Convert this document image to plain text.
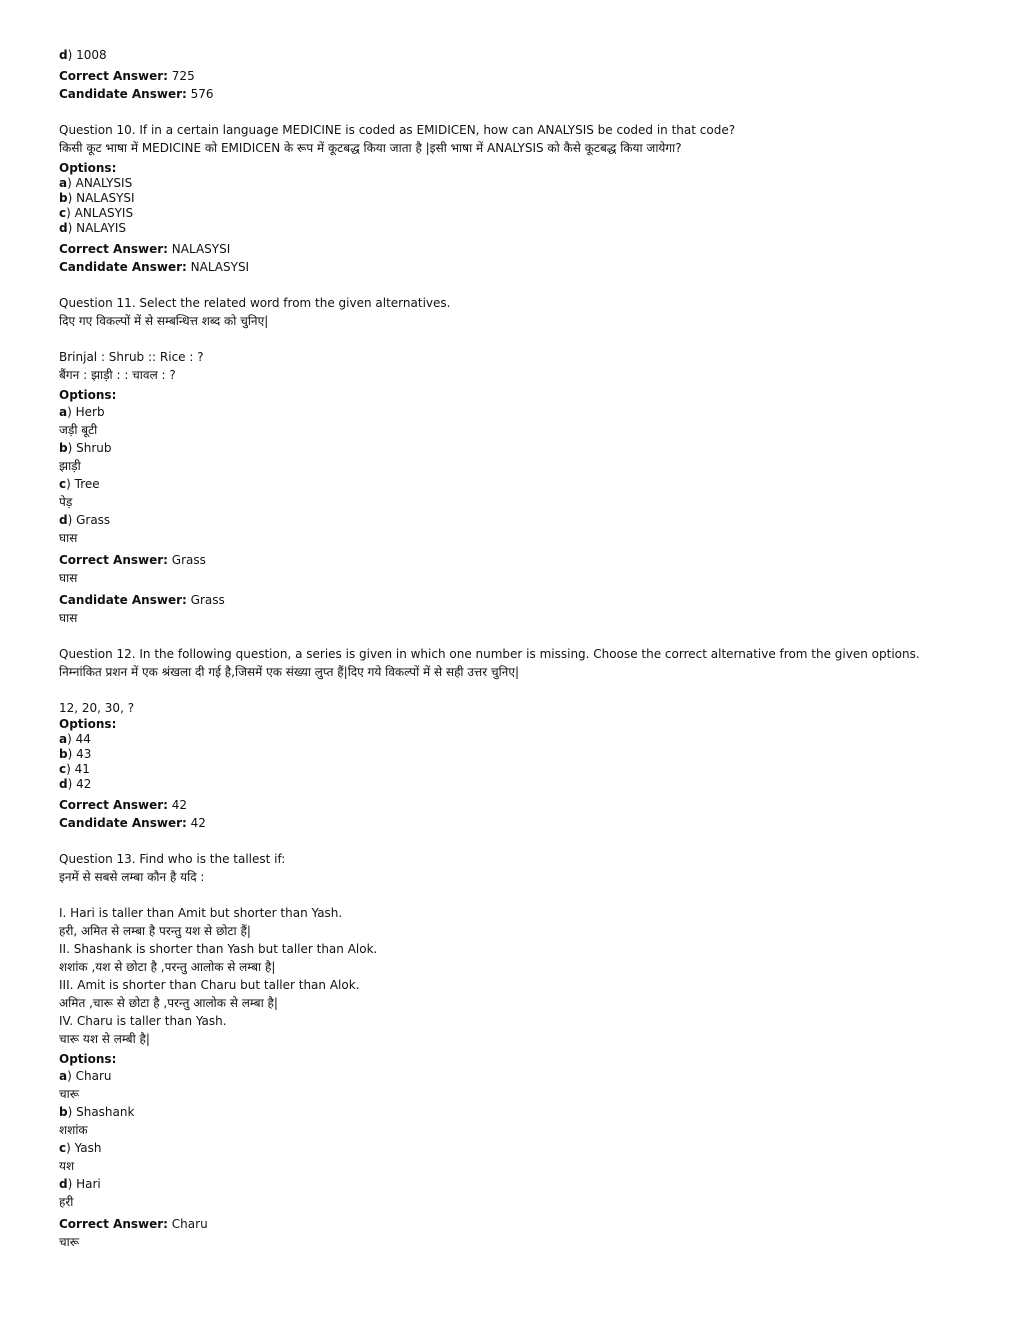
d) 1008
Correct Answer: 725
Candidate Answer: 576
Question 10. If in a certain language MEDICINE is coded as EMIDICEN, how can ANALYSIS be coded in that code?
किसी कूट भाषा में MEDICINE को EMIDICEN के रूप में कूटबद्ध किया जाता है |इसी भाषा में ANALYSIS को कैसे कूटबद्ध किया जायेगा?
Options:
a) ANALYSIS
b) NALASYSI
c) ANLASYIS
d) NALAYIS
Correct Answer: NALASYSI
Candidate Answer: NALASYSI
Question 11. Select the related word from the given alternatives.
दिए गए विकल्पों में से सम्बन्धित्त शब्द को चुनिए|
Brinjal : Shrub :: Rice : ?
बैंगन : झाड़ी : : चावल : ?
Options:
a) Herb
जड़ी बूटी
b) Shrub
झाड़ी
c) Tree
पेड़
d) Grass
घास
Correct Answer: Grass
घास
Candidate Answer: Grass
घास
Question 12. In the following question, a series is given in which one number is missing. Choose the correct alternative from the given options.
निम्नांकित प्रशन में एक श्रंखला दी गई है,जिसमें एक संख्या लुप्त हैं|दिए गये विकल्पों में से सही उत्तर चुनिए|
12, 20, 30, ?
Options:
a) 44
b) 43
c) 41
d) 42
Correct Answer: 42
Candidate Answer: 42
Question 13. Find who is the tallest if:
इनमें से सबसे लम्बा कौन है यदि :
I. Hari is taller than Amit but shorter than Yash.
हरी, अमित से लम्बा है परन्तु यश से छोटा हैं|
II. Shashank is shorter than Yash but taller than Alok.
शशांक ,यश से छोटा है ,परन्तु आलोक से लम्बा है|
III. Amit is shorter than Charu but taller than Alok.
अमित ,चारू से छोटा है ,परन्तु आलोक से लम्बा है|
IV. Charu is taller than Yash.
चारू यश से लम्बी है|
Options:
a) Charu
चारू
b) Shashank
शशांक
c) Yash
यश
d) Hari
हरी
Correct Answer: Charu
चारू
